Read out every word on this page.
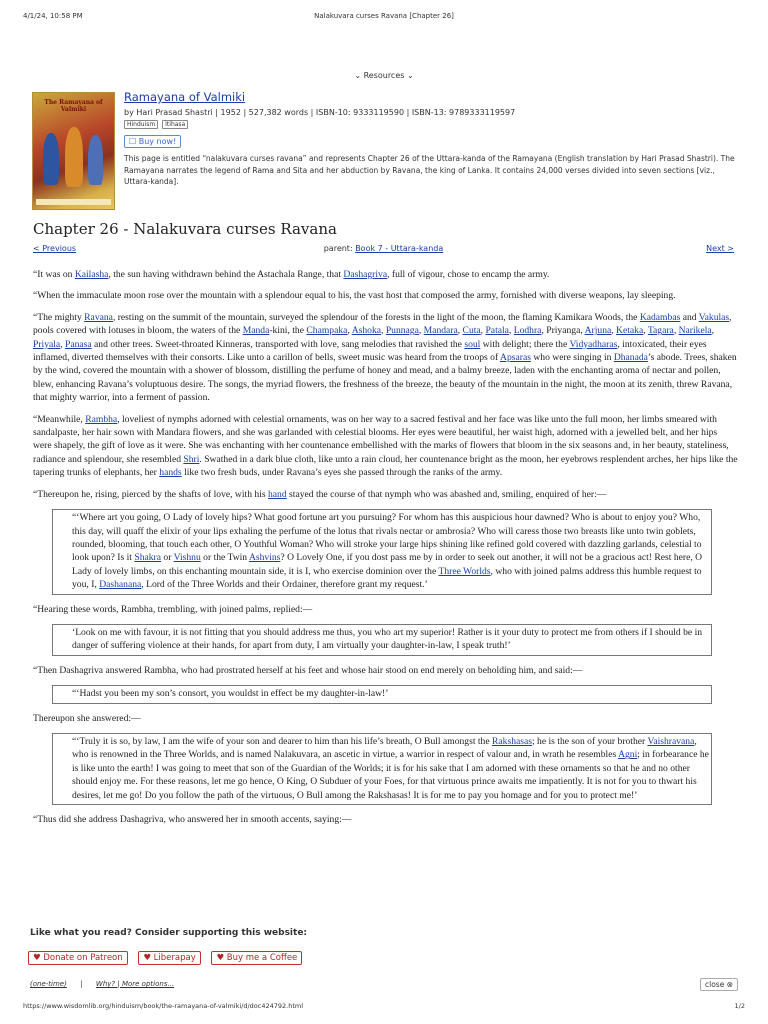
4/1/24, 10:58 PM	Nalakuvara curses Ravana [Chapter 26]
⌄ Resources ⌄
The Ramayana of Valmiki
Ramayana of Valmiki
by Hari Prasad Shastri | 1952 | 527,382 words | ISBN-10: 9333119590 | ISBN-13: 9789333119597
Hinduism Itihasa
☐ Buy now!
This page is entitled “nalakuvara curses ravana” and represents Chapter 26 of the Uttara-kanda of the Ramayana (English translation by Hari Prasad Shastri). The Ramayana narrates the legend of Rama and Sita and her abduction by Ravana, the king of Lanka. It contains 24,000 verses divided into seven sections [viz., Uttara-kanda].
Chapter 26 - Nalakuvara curses Ravana
< Previous	parent: Book 7 - Uttara-kanda	Next >

“It was on Kailasha, the sun having withdrawn behind the Astachala Range, that Dashagriva, full of vigour, chose to encamp the army.

“When the immaculate moon rose over the mountain with a splendour equal to his, the vast host that composed the army, fornished with diverse weapons, lay sleeping.

“The mighty Ravana, resting on the summit of the mountain, surveyed the splendour of the forests in the light of the moon, the flaming Kamikara Woods, the Kadambas and Vakulas, pools covered with lotuses in bloom, the waters of the Manda-kini, the Champaka, Ashoka, Punnaga, Mandara, Cuta, Patala, Lodhra, Priyanga, Arjuna, Ketaka, Tagara, Narikela, Priyala, Panasa and other trees. Sweet-throated Kinneras, transported with love, sang melodies that ravished the soul with delight; there the Vidyadharas, intoxicated, their eyes inflamed, diverted themselves with their consorts. Like unto a carillon of bells, sweet music was heard from the troops of Apsaras who were singing in Dhanada’s abode. Trees, shaken by the wind, covered the mountain with a shower of blossom, distilling the perfume of honey and mead, and a balmy breeze, laden with the enchanting aroma of nectar and pollen, blew, enhancing Ravana’s voluptuous desire. The songs, the myriad flowers, the freshness of the breeze, the beauty of the mountain in the night, the moon at its zenith, threw Ravana, that mighty warrior, into a ferment of passion.

“Meanwhile, Rambha, loveliest of nymphs adorned with celestial ornaments, was on her way to a sacred festival and her face was like unto the full moon, her limbs smeared with sandalpaste, her hair sown with Mandara flowers, and she was garlanded with celestial blooms. Her eyes were beautiful, her waist high, adorned with a jewelled belt, and her hips were shapely, the gift of love as it were. She was enchanting with her countenance embellished with the marks of flowers that bloom in the six seasons and, in her beauty, stateliness, radiance and splendour, she resembled Shri. Swathed in a dark blue cloth, like unto a rain cloud, her countenance bright as the moon, her eyebrows resplendent arches, her hips like the tapering trunks of elephants, her hands like two fresh buds, under Ravana’s eyes she passed through the ranks of the army.

“Thereupon he, rising, pierced by the shafts of love, with his hand stayed the course of that nymph who was abashed and, smiling, enquired of her:—

“‘Where art you going, O Lady of lovely hips? What good fortune art you pursuing? For whom has this auspicious hour dawned? Who is about to enjoy you? Who, this day, will quaff the elixir of your lips exhaling the perfume of the lotus that rivals nectar or ambrosia? Who will caress those two breasts like unto twin goblets, rounded, blooming, that touch each other, O Youthful Woman? Who will stroke your large hips shining like refined gold covered with dazzling garlands, celestial to look upon? Is it Shakra or Vishnu or the Twin Ashvins? O Lovely One, if you dost pass me by in order to seek out another, it will not be a gracious act! Rest here, O Lady of lovely limbs, on this enchanting mountain side, it is I, who exercise dominion over the Three Worlds, who with joined palms address this humble request to you, I, Dashanana, Lord of the Three Worlds and their Ordainer, therefore grant my request.’

“Hearing these words, Rambha, trembling, with joined palms, replied:—

‘Look on me with favour, it is not fitting that you should address me thus, you who art my superior! Rather is it your duty to protect me from others if I should be in danger of suffering violence at their hands, for apart from duty, I am virtually your daughter-in-law, I speak truth!’

“Then Dashagriva answered Rambha, who had prostrated herself at his feet and whose hair stood on end merely on beholding him, and said:—

“‘Hadst you been my son’s consort, you wouldst in effect be my daughter-in-law!’

Thereupon she answered:—

“‘Truly it is so, by law, I am the wife of your son and dearer to him than his life’s breath, O Bull amongst the Rakshasas; he is the son of your brother Vaishravana, who is renowned in the Three Worlds, and is named Nalakuvara, an ascetic in virtue, a warrior in respect of valour and, in wrath he resembles Agni; in forbearance he is like unto the earth! I was going to meet that son of the Guardian of the Worlds; it is for his sake that I am adorned with these ornaments so that he and no other should enjoy me. For these reasons, let me go hence, O King, O Subduer of your Foes, for that virtuous prince awaits me impatiently. It is not for you to thwart his desires, let me go! Do you follow the path of the virtuous, O Bull among the Rakshasas! It is for me to pay you homage and for you to protect me!’

“Thus did she address Dashagriva, who answered her in smooth accents, saying:—

Like what you read? Consider supporting this website:
♥ Donate on Patreon ♥ Liberapay ♥ Buy me a Coffee
(one-time) | Why? | More options...	close ⊗
https://www.wisdomlib.org/hinduism/book/the-ramayana-of-valmiki/d/doc424792.html	1/2
